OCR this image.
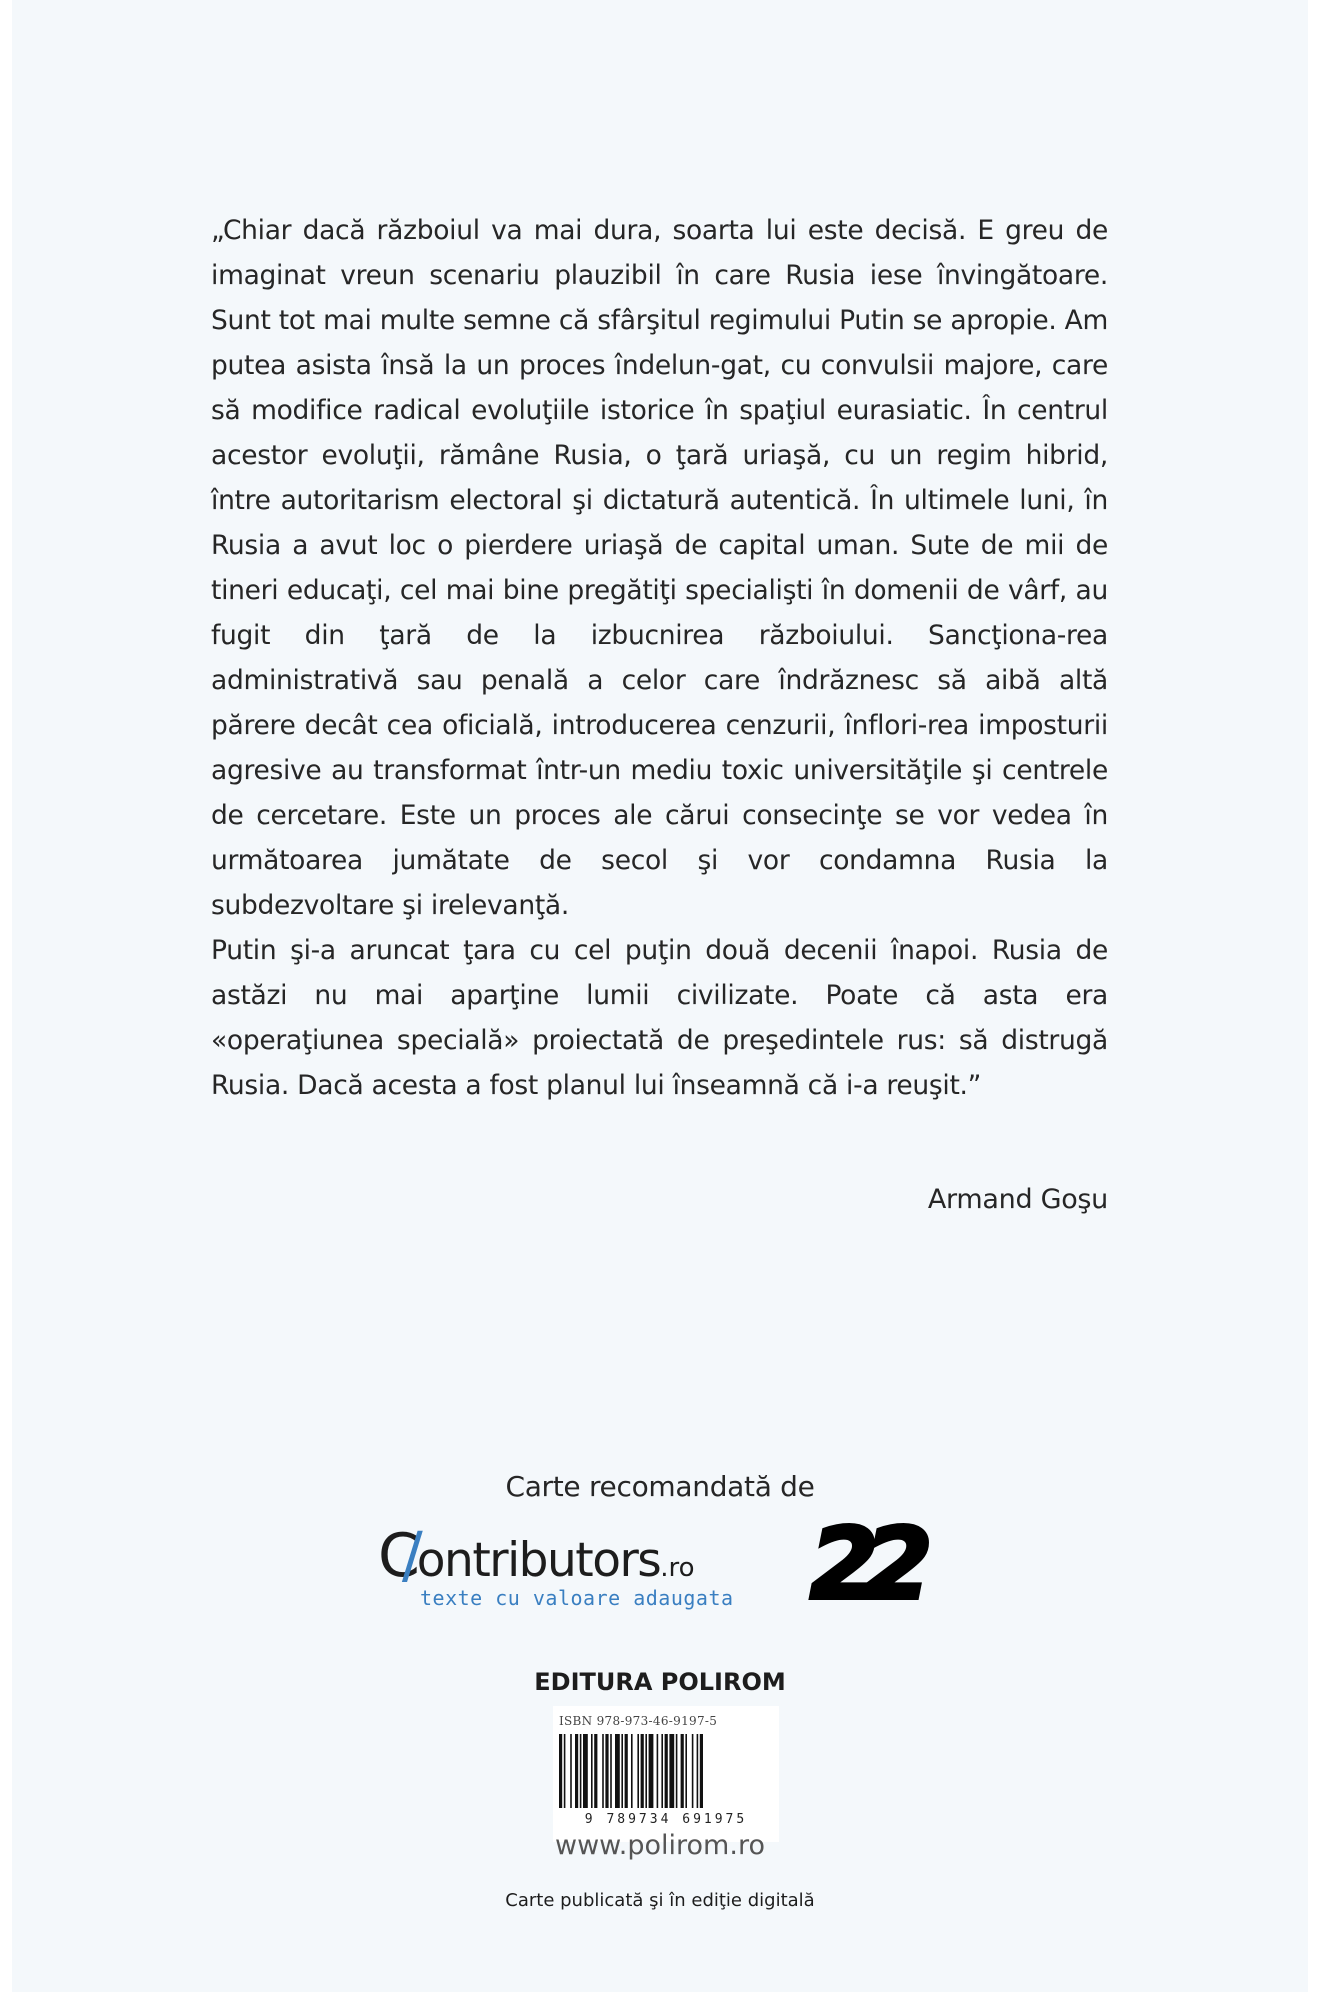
„Chiar dacă războiul va mai dura, soarta lui este decisă. E greu de imaginat vreun scenariu plauzibil în care Rusia iese învingătoare. Sunt tot mai multe semne că sfârşitul regimului Putin se apropie. Am putea asista însă la un proces îndelun-gat, cu convulsii majore, care să modifice radical evoluţiile istorice în spaţiul eurasiatic. În centrul acestor evoluţii, rămâne Rusia, o ţară uriaşă, cu un regim hibrid, între autoritarism electoral şi dictatură autentică. În ultimele luni, în Rusia a avut loc o pierdere uriaşă de capital uman. Sute de mii de tineri educaţi, cel mai bine pregătiţi specialişti în domenii de vârf, au fugit din ţară de la izbucnirea războiului. Sancţiona-rea administrativă sau penală a celor care îndrăznesc să aibă altă părere decât cea oficială, introducerea cenzurii, înflori-rea imposturii agresive au transformat într-un mediu toxic universităţile şi centrele de cercetare. Este un proces ale cărui consecinţe se vor vedea în următoarea jumătate de secol şi vor condamna Rusia la subdezvoltare şi irelevanţă.

Putin şi-a aruncat ţara cu cel puţin două decenii înapoi. Rusia de astăzi nu mai aparţine lumii civilizate. Poate că asta era «operaţiunea specială» proiectată de preşedintele rus: să distrugă Rusia. Dacă acesta a fost planul lui înseamnă că i-a reuşit.”

Armand Goşu
Carte recomandată de
C/ontributors.ro
texte cu valoare adaugata 22
EDITURA POLIROM
ISBN 978-973-46-9197-5
9 789734 691975
www.polirom.ro
Carte publicată şi în ediţie digitală
